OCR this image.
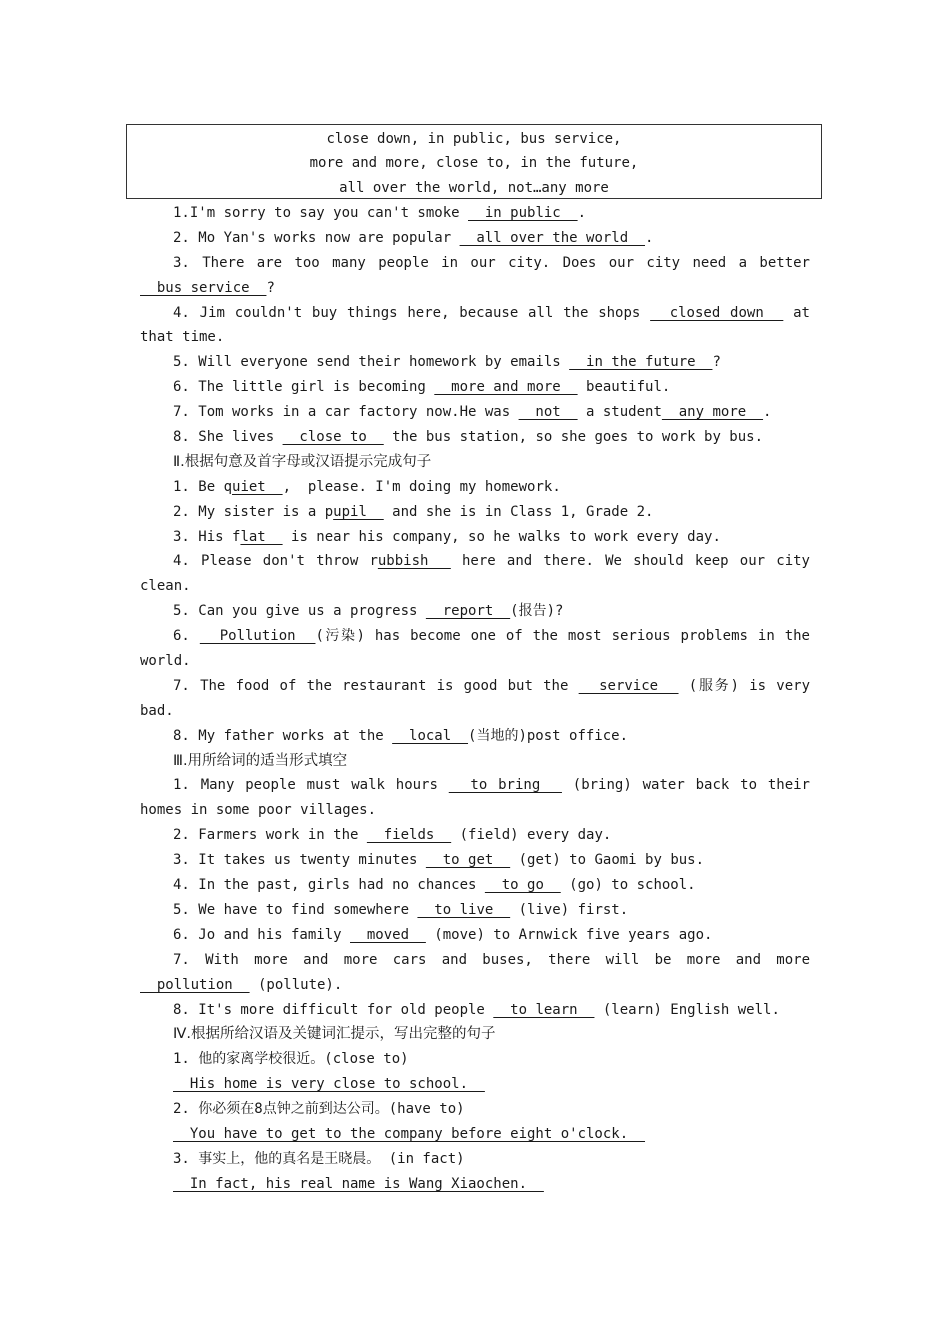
close down, in public, bus service,
more and more, close to, in the future,
all over the world, not…any more
1.I'm sorry to say you can't smoke   in public  .
2. Mo Yan's works now are popular   all over the world  .
3. There are too many people in our city. Does our city need a better
bus service  ?
4. Jim couldn't buy things here, because all the shops   closed down   at
that time.
5. Will everyone send their homework by emails   in the future  ?
6. The little girl is becoming   more and more   beautiful.
7. Tom works in a car factory now.He was   not   a student  any more  .
8. She lives   close to   the bus station, so she goes to work by bus.
Ⅱ.根据句意及首字母或汉语提示完成句子
1. Be quiet  ,  please. I'm doing my homework.
2. My sister is a pupil   and she is in Class 1, Grade 2.
3. His flat   is near his company, so he walks to work every day.
4. Please don't throw rubbish   here and there. We should keep our city
clean.
5. Can you give us a progress   report  (报告)?
6.   Pollution  (污染) has become one of the most serious problems in the
world.
7. The food of the restaurant is good but the   service   (服务) is very
bad.
8. My father works at the   local  (当地的)post office.
Ⅲ.用所给词的适当形式填空
1. Many people must walk hours   to bring   (bring) water back to their
homes in some poor villages.
2. Farmers work in the   fields   (field) every day.
3. It takes us twenty minutes   to get   (get) to Gaomi by bus.
4. In the past, girls had no chances   to go   (go) to school.
5. We have to find somewhere   to live   (live) first.
6. Jo and his family   moved   (move) to Arnwick five years ago.
7. With more and more cars and buses, there will be more and more
pollution   (pollute).
8. It's more difficult for old people   to learn   (learn) English well.
Ⅳ.根据所给汉语及关键词汇提示，写出完整的句子
1. 他的家离学校很近。(close to)
His home is very close to school.
2. 你必须在8点钟之前到达公司。(have to)
You have to get to the company before eight o'clock.
3. 事实上，他的真名是王晓晨。 (in fact)
In fact, his real name is Wang Xiaochen.
